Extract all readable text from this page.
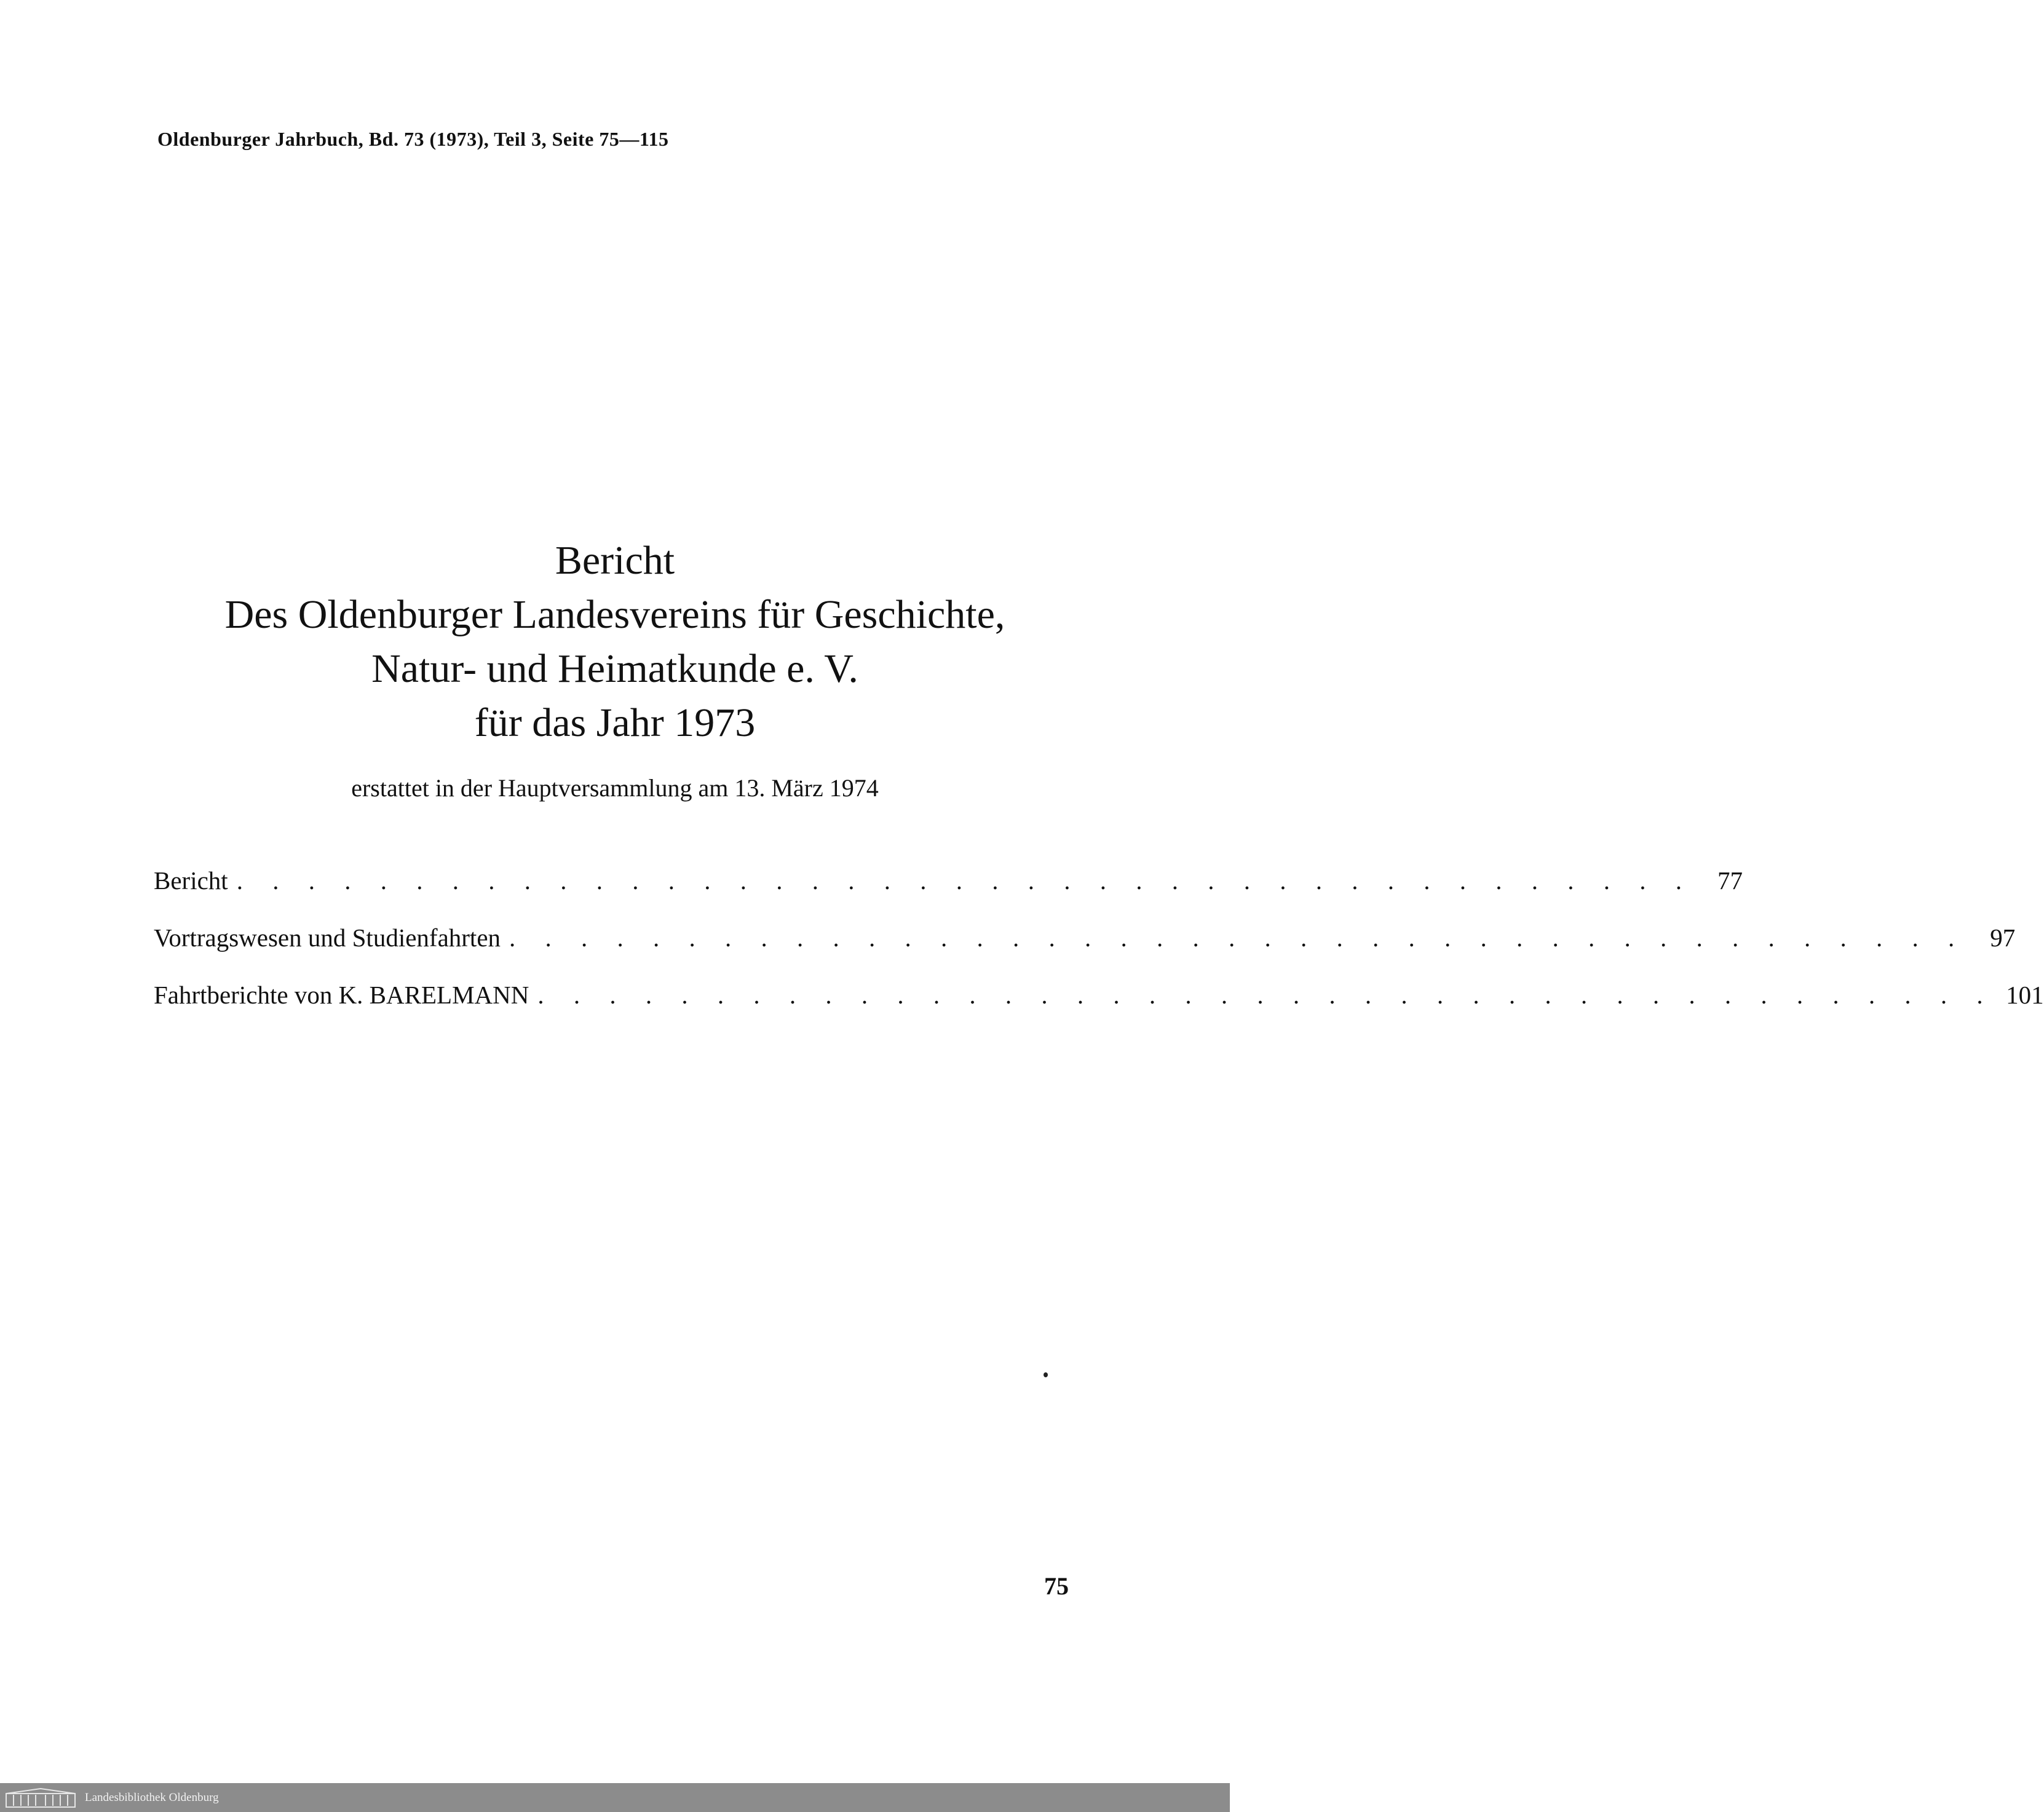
Oldenburger Jahrbuch, Bd. 73 (1973), Teil 3, Seite 75—115
Bericht
Des Oldenburger Landesvereins für Geschichte,
Natur- und Heimatkunde e. V.
für das Jahr 1973
erstattet in der Hauptversammlung am 13. März 1974
Bericht . . . . . . . . . . . . . . . . . . . . . . . . . . . . . . . . . . . . . . . . . 77
Vortragswesen und Studienfahrten . . . . . . . . . . . . . . . . . . . . . . . . . . . . . . . . . . . . . . . . . 97
Fahrtberichte von K. BARELMANN . . . . . . . . . . . . . . . . . . . . . . . . . . . . . . . . . . . . . . . . . 101
75
Landesbibliothek Oldenburg
